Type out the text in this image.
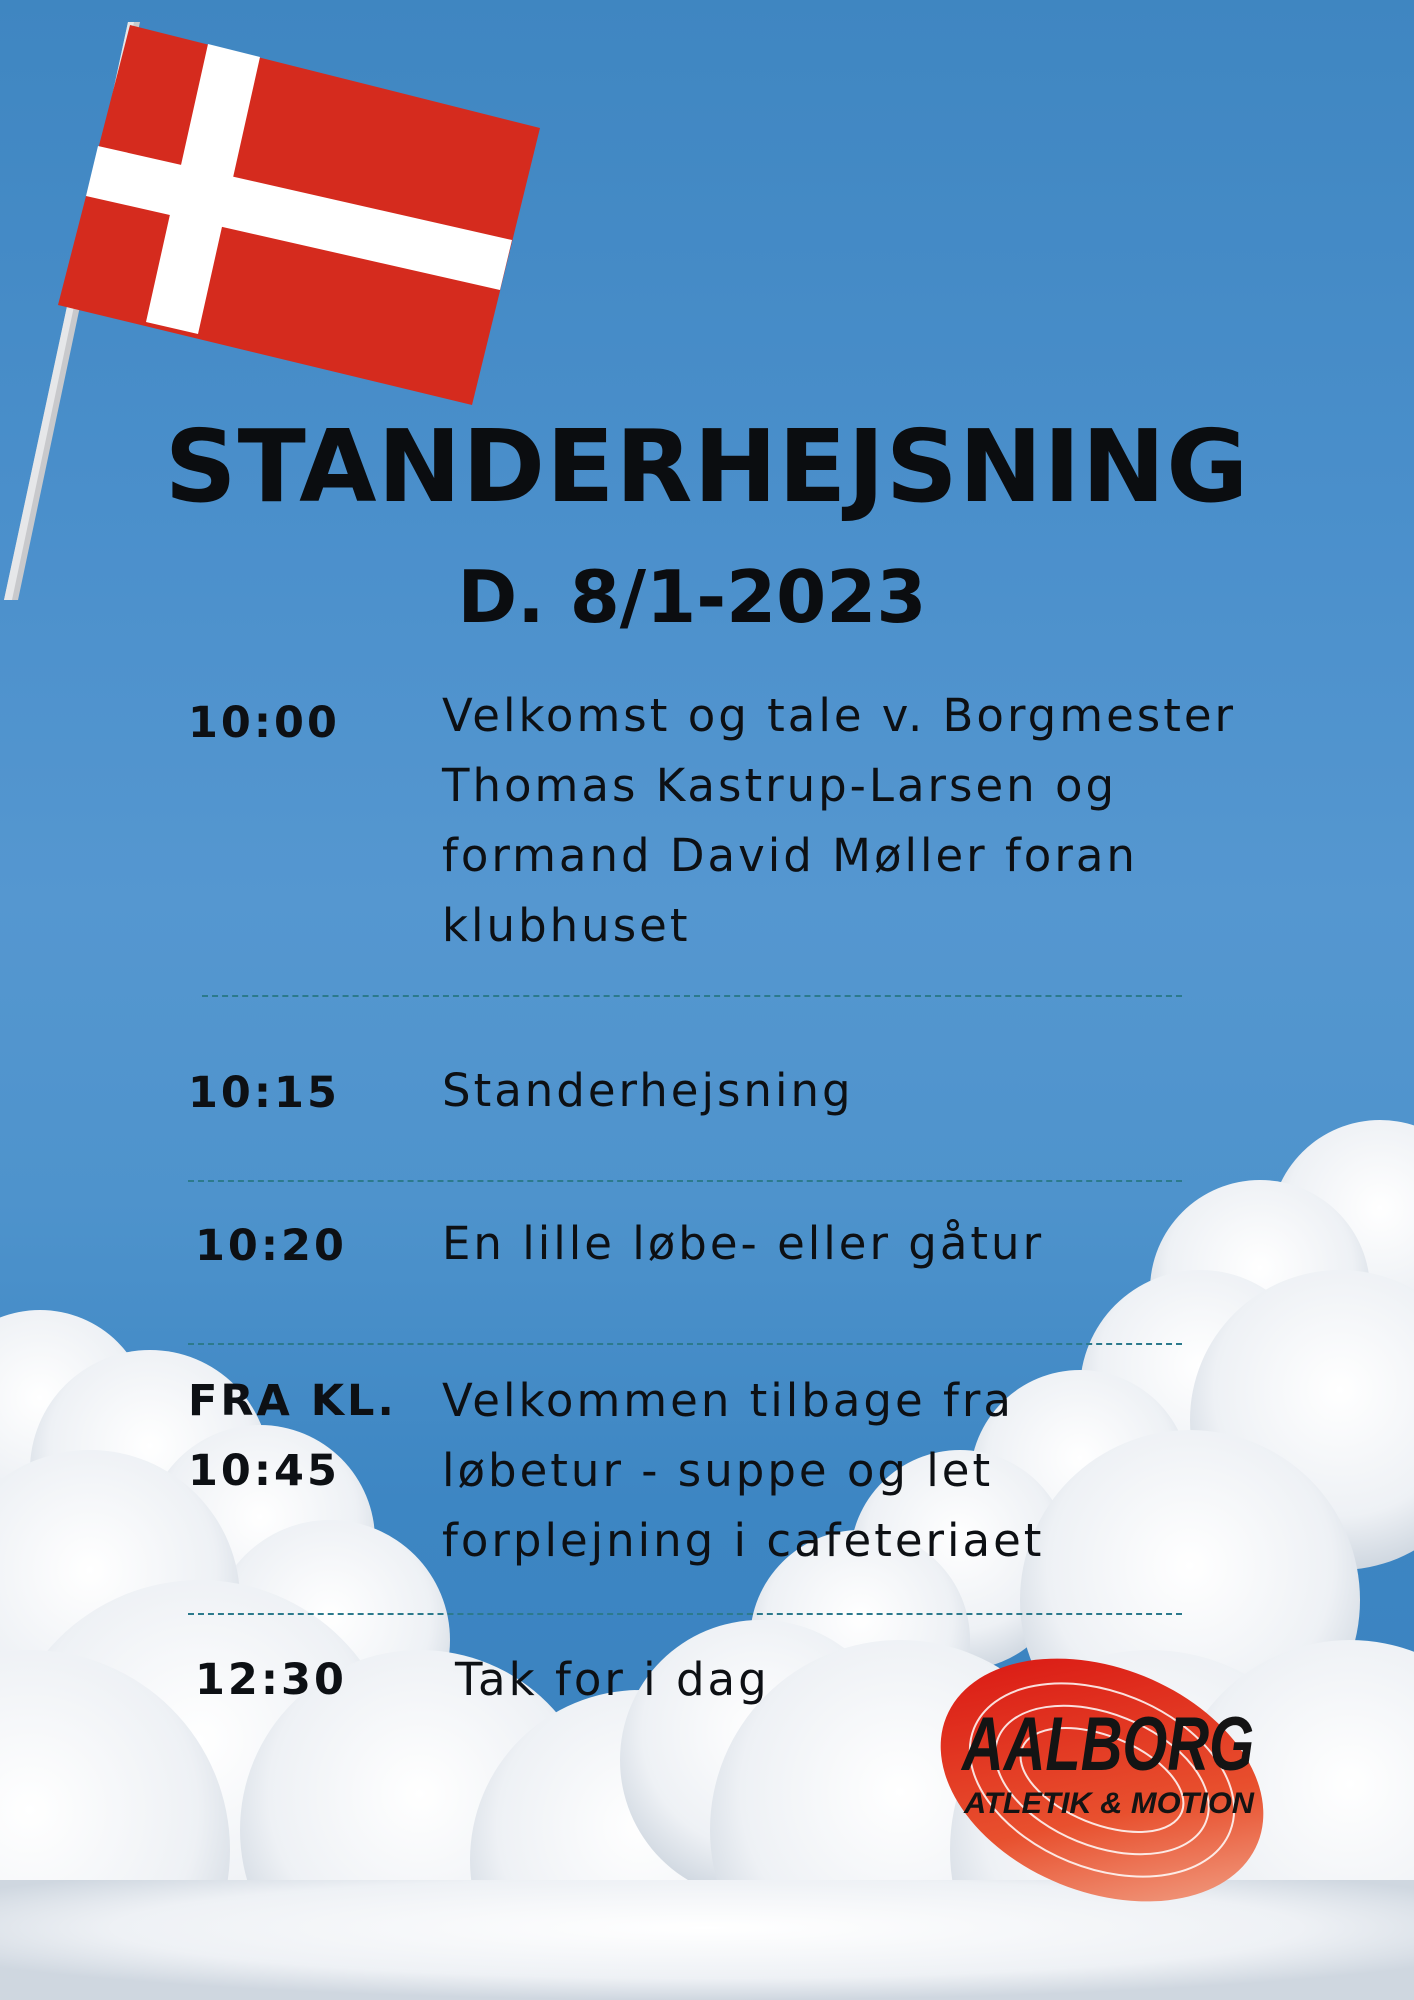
STANDERHEJSNING
D. 8/1-2023
10:00 Velkomst og tale v. Borgmester Thomas Kastrup-Larsen og formand David Møller foran klubhuset
10:15 Standerhejsning
10:20 En lille løbe- eller gåtur
FRA KL. 10:45
Velkommen tilbage fra løbetur - suppe og let forplejning i cafeteriaet
12:30 Tak for i dag
AALBORG
ATLETIK & MOTION
